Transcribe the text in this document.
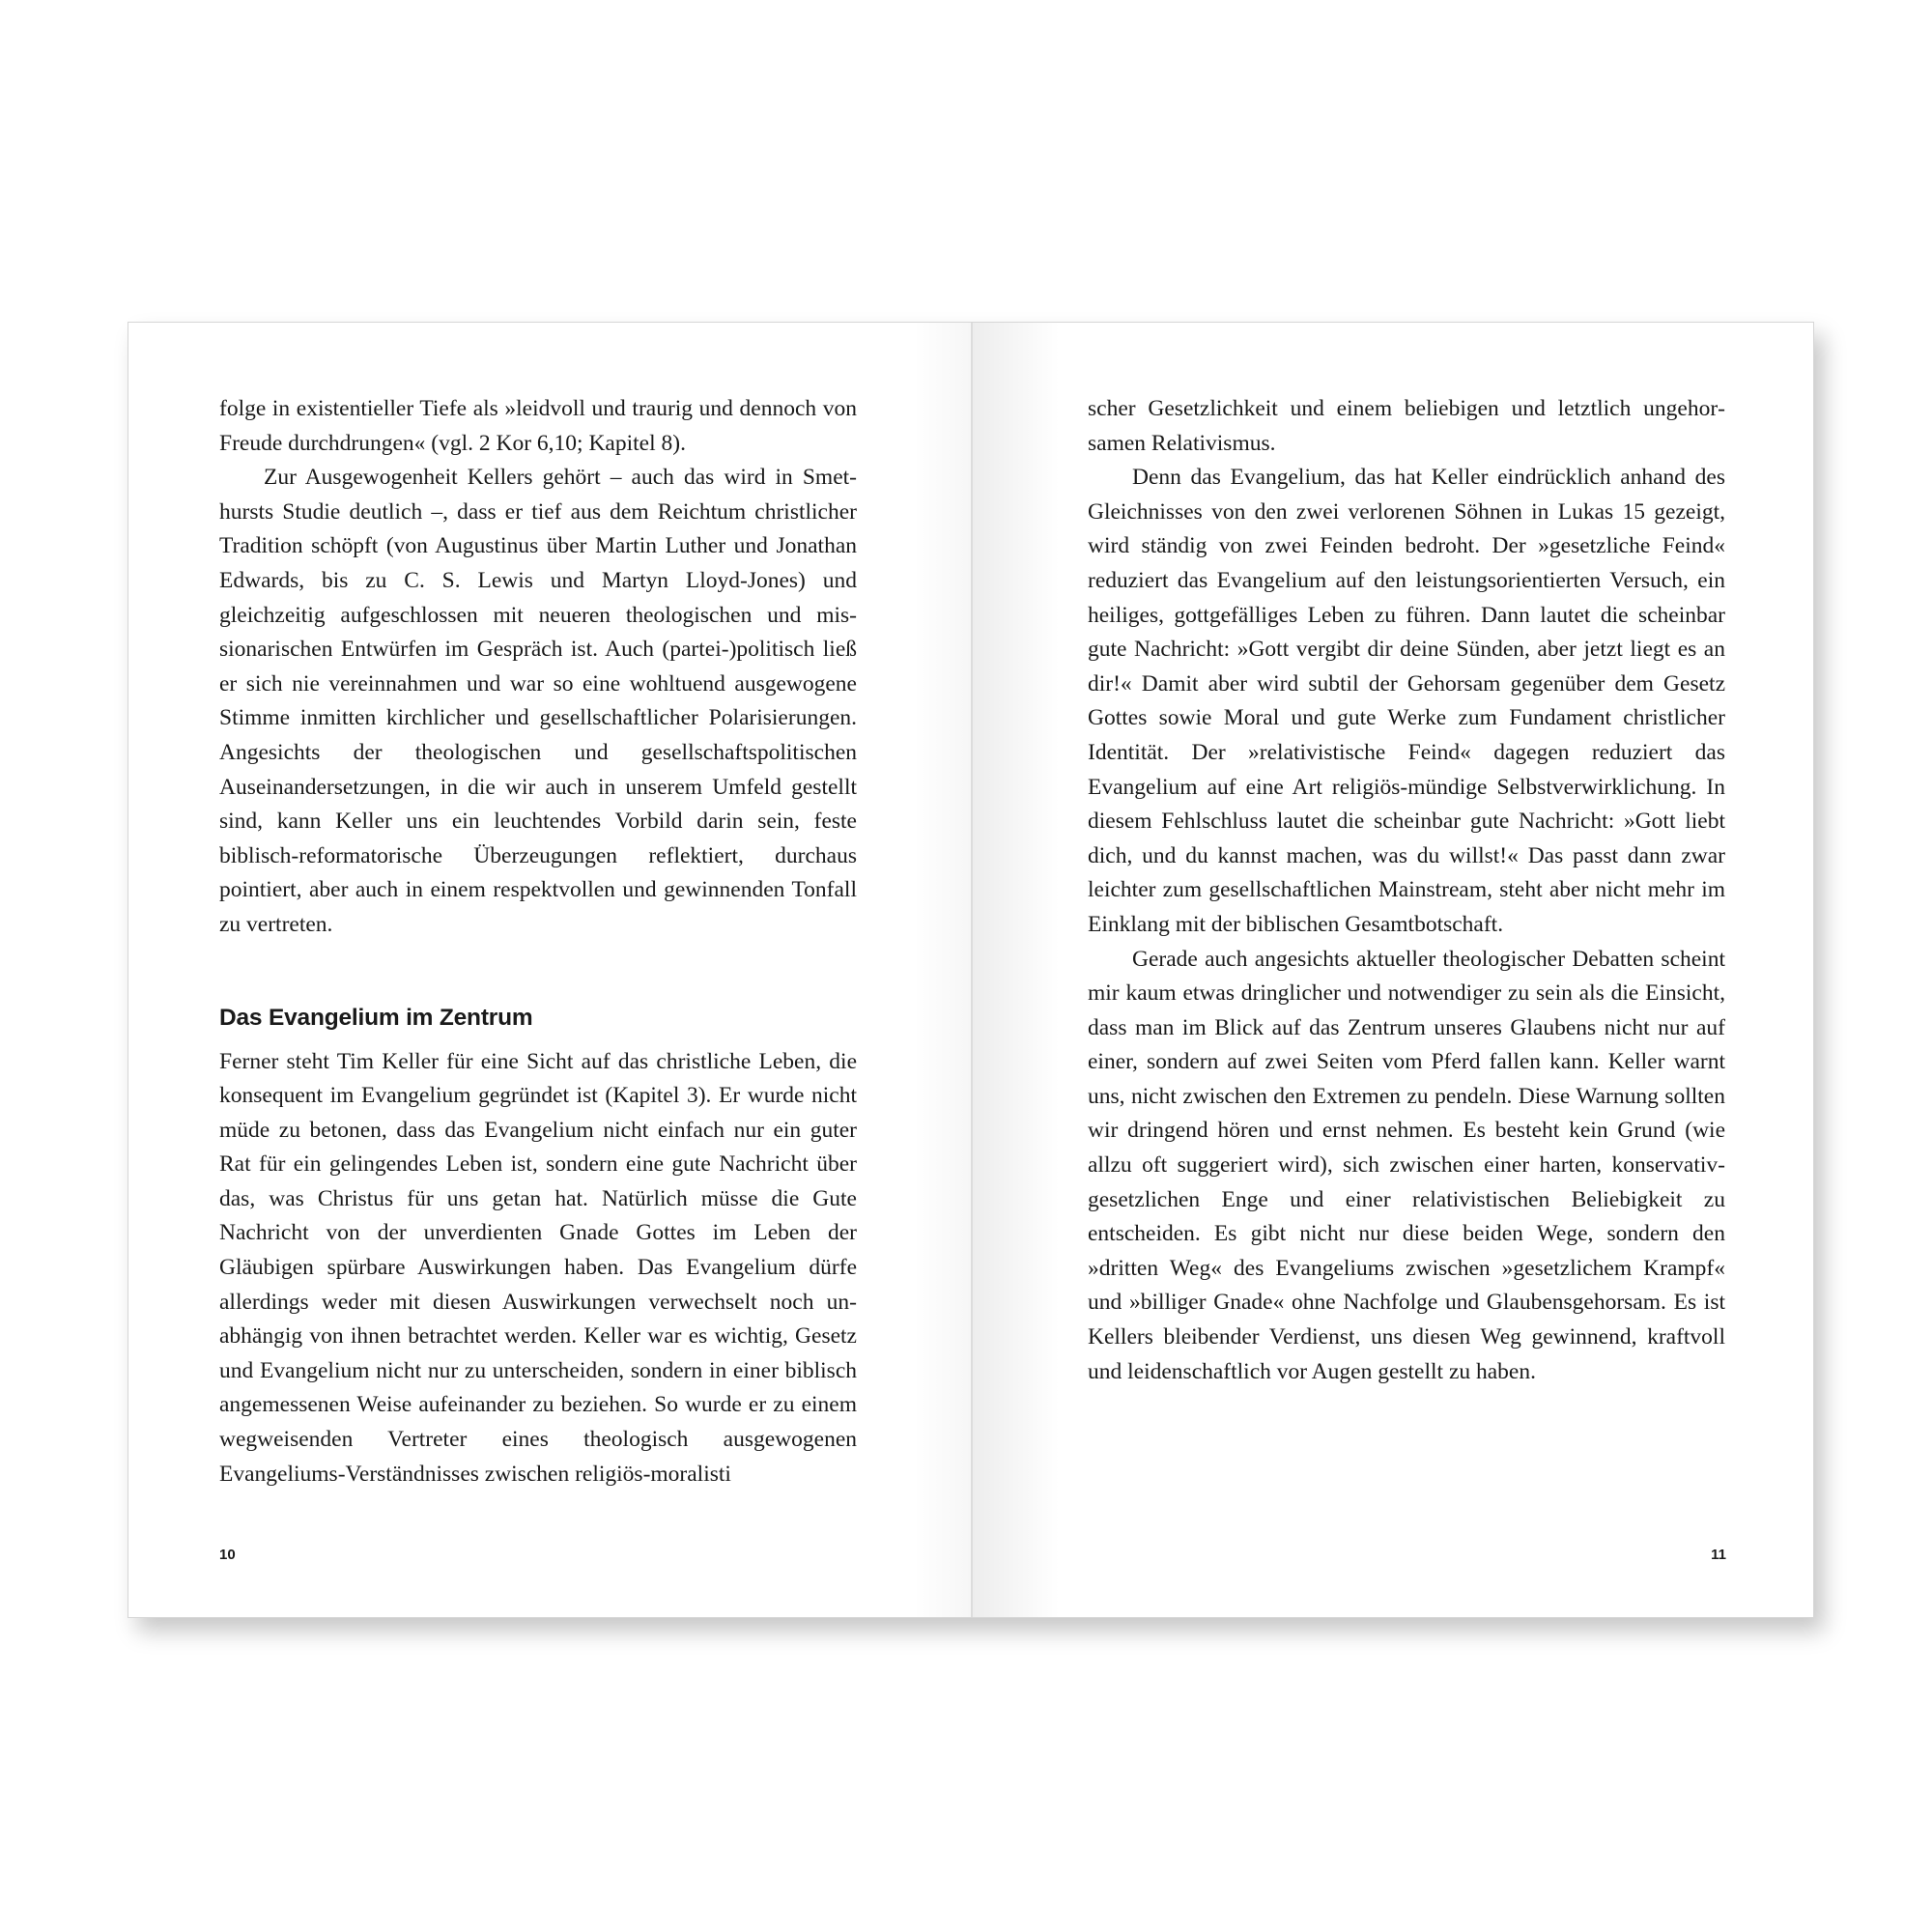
folge in existentieller Tiefe als »leidvoll und traurig und dennoch von Freude durchdrungen« (vgl. 2 Kor 6,10; Kapitel 8).

Zur Ausgewogenheit Kellers gehört – auch das wird in Smethursts Studie deutlich –, dass er tief aus dem Reichtum christlicher Tradition schöpft (von Augustinus über Martin Luther und Jonathan Edwards, bis zu C. S. Lewis und Martyn Lloyd-Jones) und gleichzeitig aufgeschlossen mit neueren theologischen und missionarischen Entwürfen im Gespräch ist. Auch (partei-)politisch ließ er sich nie vereinnahmen und war so eine wohltuend ausgewogene Stimme inmitten kirchlicher und gesellschaftlicher Polarisierungen. Angesichts der theologischen und gesellschaftspolitischen Auseinandersetzungen, in die wir auch in unserem Umfeld gestellt sind, kann Keller uns ein leuchtendes Vorbild darin sein, feste biblisch-reformatorische Überzeugungen reflektiert, durchaus pointiert, aber auch in einem respektvollen und gewinnenden Tonfall zu vertreten.

Das Evangelium im Zentrum

Ferner steht Tim Keller für eine Sicht auf das christliche Leben, die konsequent im Evangelium gegründet ist (Kapitel 3). Er wurde nicht müde zu betonen, dass das Evangelium nicht einfach nur ein guter Rat für ein gelingendes Leben ist, sondern eine gute Nachricht über das, was Christus für uns getan hat. Natürlich müsse die Gute Nachricht von der unverdienten Gnade Gottes im Leben der Gläubigen spürbare Auswirkungen haben. Das Evangelium dürfe allerdings weder mit diesen Auswirkungen verwechselt noch unabhängig von ihnen betrachtet werden. Keller war es wichtig, Gesetz und Evangelium nicht nur zu unterscheiden, sondern in einer biblisch angemessenen Weise aufeinander zu beziehen. So wurde er zu einem wegweisenden Vertreter eines theologisch ausgewogenen Evangeliums-Verständnisses zwischen religiös-moralisti

10

scher Gesetzlichkeit und einem beliebigen und letztlich ungehorsamen Relativismus.

Denn das Evangelium, das hat Keller eindrücklich anhand des Gleichnisses von den zwei verlorenen Söhnen in Lukas 15 gezeigt, wird ständig von zwei Feinden bedroht. Der »gesetzliche Feind« reduziert das Evangelium auf den leistungsorientierten Versuch, ein heiliges, gottgefälliges Leben zu führen. Dann lautet die scheinbar gute Nachricht: »Gott vergibt dir deine Sünden, aber jetzt liegt es an dir!« Damit aber wird subtil der Gehorsam gegenüber dem Gesetz Gottes sowie Moral und gute Werke zum Fundament christlicher Identität. Der »relativistische Feind« dagegen reduziert das Evangelium auf eine Art religiös-mündige Selbstverwirklichung. In diesem Fehlschluss lautet die scheinbar gute Nachricht: »Gott liebt dich, und du kannst machen, was du willst!« Das passt dann zwar leichter zum gesellschaftlichen Mainstream, steht aber nicht mehr im Einklang mit der biblischen Gesamtbotschaft.

Gerade auch angesichts aktueller theologischer Debatten scheint mir kaum etwas dringlicher und notwendiger zu sein als die Einsicht, dass man im Blick auf das Zentrum unseres Glaubens nicht nur auf einer, sondern auf zwei Seiten vom Pferd fallen kann. Keller warnt uns, nicht zwischen den Extremen zu pendeln. Diese Warnung sollten wir dringend hören und ernst nehmen. Es besteht kein Grund (wie allzu oft suggeriert wird), sich zwischen einer harten, konservativ-gesetzlichen Enge und einer relativistischen Beliebigkeit zu entscheiden. Es gibt nicht nur diese beiden Wege, sondern den »dritten Weg« des Evangeliums zwischen »gesetzlichem Krampf« und »billiger Gnade« ohne Nachfolge und Glaubensgehorsam. Es ist Kellers bleibender Verdienst, uns diesen Weg gewinnend, kraftvoll und leidenschaftlich vor Augen gestellt zu haben.

11
